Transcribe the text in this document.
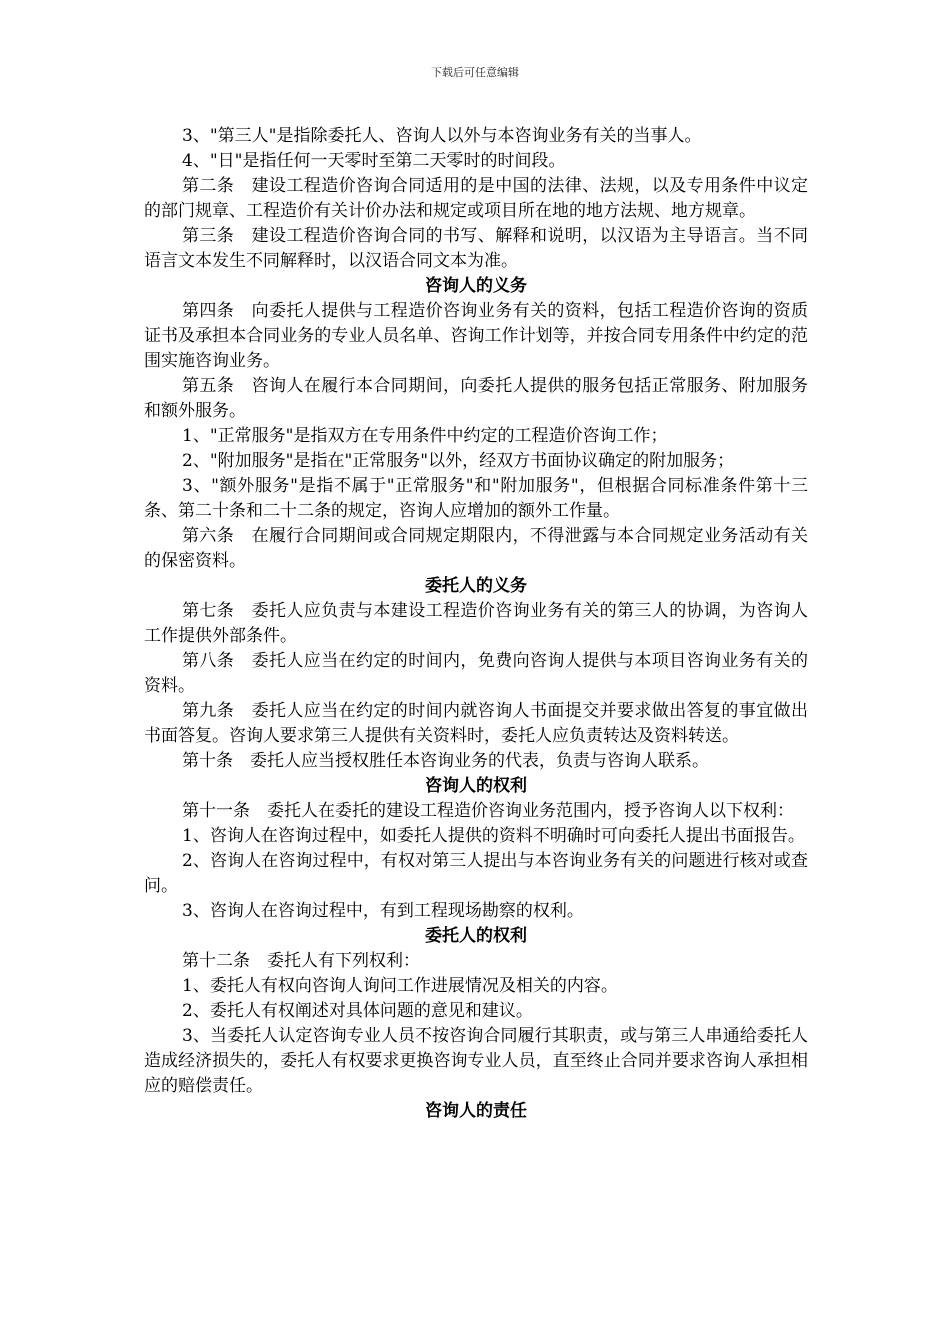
下载后可任意编辑

3、"第三人"是指除委托人、咨询人以外与本咨询业务有关的当事人。

4、"日"是指任何一天零时至第二天零时的时间段。

第二条　建设工程造价咨询合同适用的是中国的法律、法规，以及专用条件中议定的部门规章、工程造价有关计价办法和规定或项目所在地的地方法规、地方规章。

第三条　建设工程造价咨询合同的书写、解释和说明，以汉语为主导语言。当不同语言文本发生不同解释时，以汉语合同文本为准。

咨询人的义务

第四条　向委托人提供与工程造价咨询业务有关的资料，包括工程造价咨询的资质证书及承担本合同业务的专业人员名单、咨询工作计划等，并按合同专用条件中约定的范围实施咨询业务。

第五条　咨询人在履行本合同期间，向委托人提供的服务包括正常服务、附加服务和额外服务。

1、"正常服务"是指双方在专用条件中约定的工程造价咨询工作；

2、"附加服务"是指在"正常服务"以外，经双方书面协议确定的附加服务；

3、"额外服务"是指不属于"正常服务"和"附加服务"，但根据合同标准条件第十三条、第二十条和二十二条的规定，咨询人应增加的额外工作量。

第六条　在履行合同期间或合同规定期限内，不得泄露与本合同规定业务活动有关的保密资料。

委托人的义务

第七条　委托人应负责与本建设工程造价咨询业务有关的第三人的协调，为咨询人工作提供外部条件。

第八条　委托人应当在约定的时间内，免费向咨询人提供与本项目咨询业务有关的资料。

第九条　委托人应当在约定的时间内就咨询人书面提交并要求做出答复的事宜做出书面答复。咨询人要求第三人提供有关资料时，委托人应负责转达及资料转送。

第十条　委托人应当授权胜任本咨询业务的代表，负责与咨询人联系。

咨询人的权利

第十一条　委托人在委托的建设工程造价咨询业务范围内，授予咨询人以下权利：

1、咨询人在咨询过程中，如委托人提供的资料不明确时可向委托人提出书面报告。

2、咨询人在咨询过程中，有权对第三人提出与本咨询业务有关的问题进行核对或查问。

3、咨询人在咨询过程中，有到工程现场勘察的权利。

委托人的权利

第十二条　委托人有下列权利：

1、委托人有权向咨询人询问工作进展情况及相关的内容。

2、委托人有权阐述对具体问题的意见和建议。

3、当委托人认定咨询专业人员不按咨询合同履行其职责，或与第三人串通给委托人造成经济损失的，委托人有权要求更换咨询专业人员，直至终止合同并要求咨询人承担相应的赔偿责任。

咨询人的责任
